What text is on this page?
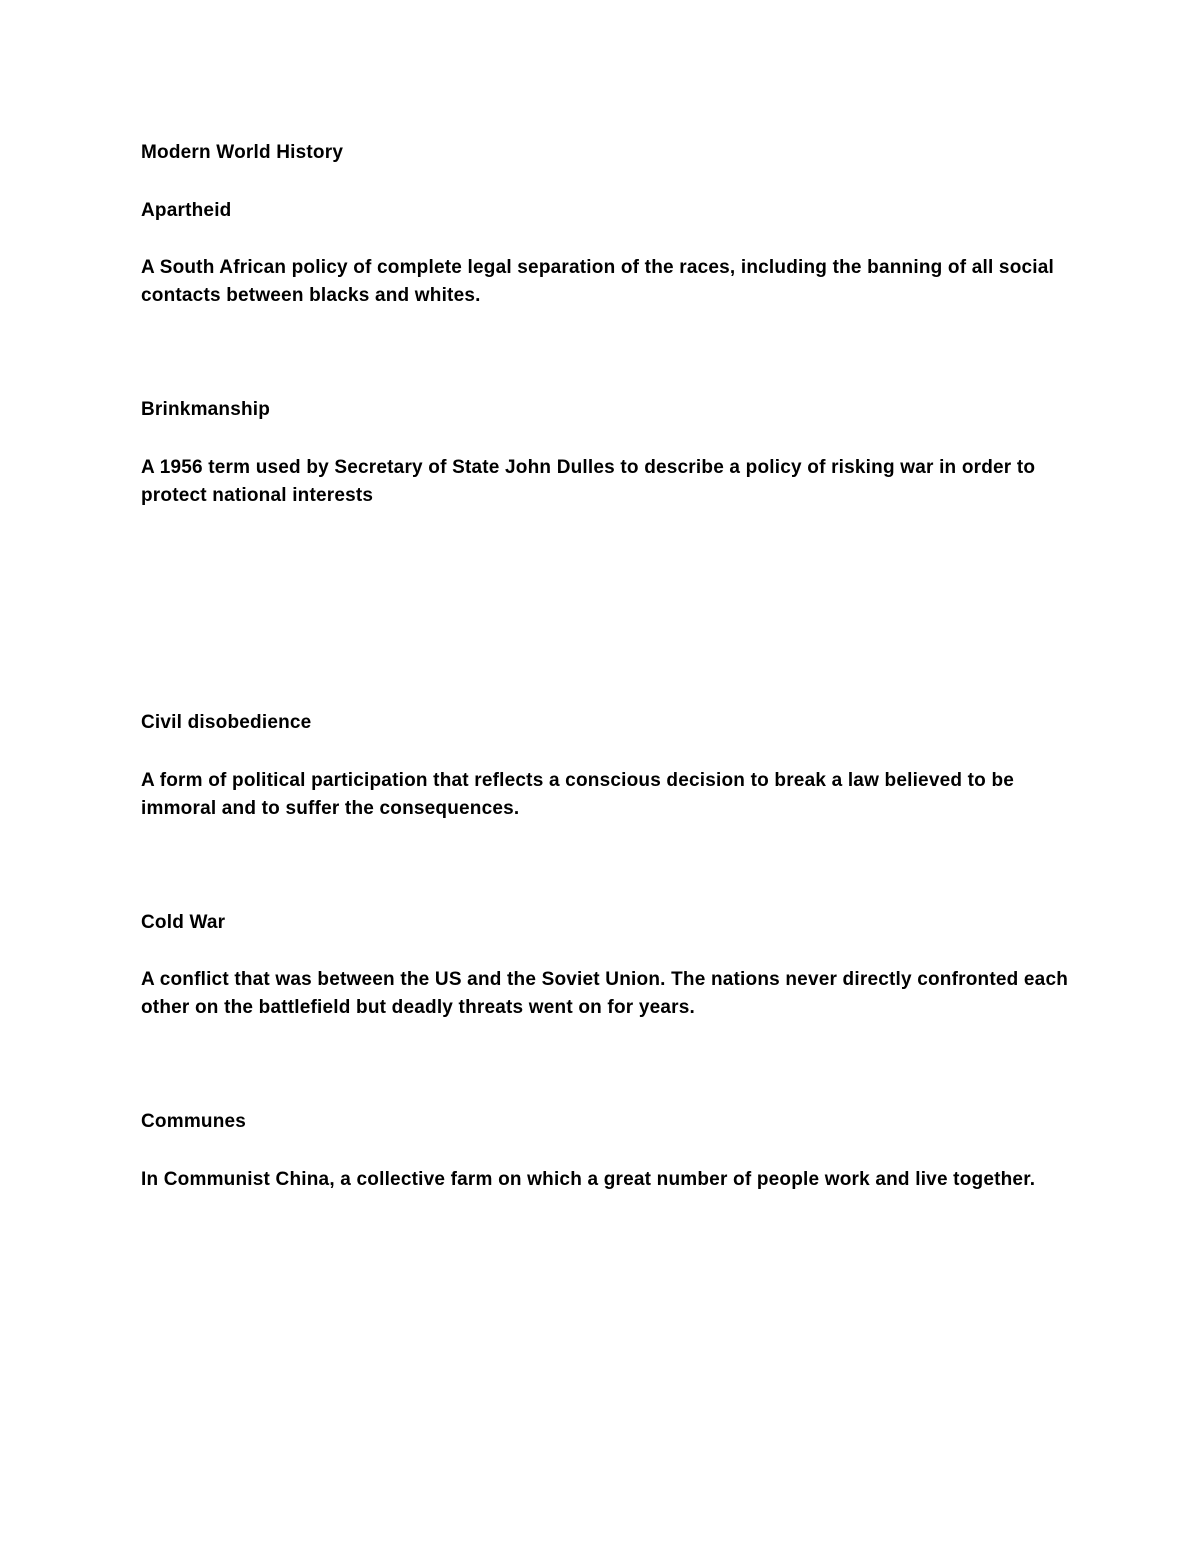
Modern World History

Apartheid

A South African policy of complete legal separation of the races, including the banning of all social contacts between blacks and whites.

Brinkmanship

A 1956 term used by Secretary of State John Dulles to describe a policy of risking war in order to protect national interests

Civil disobedience

A form of political participation that reflects a conscious decision to break a law believed to be immoral and to suffer the consequences.

Cold War

A conflict that was between the US and the Soviet Union. The nations never directly confronted each other on the battlefield but deadly threats went on for years.

Communes

In Communist China, a collective farm on which a great number of people work and live together.
